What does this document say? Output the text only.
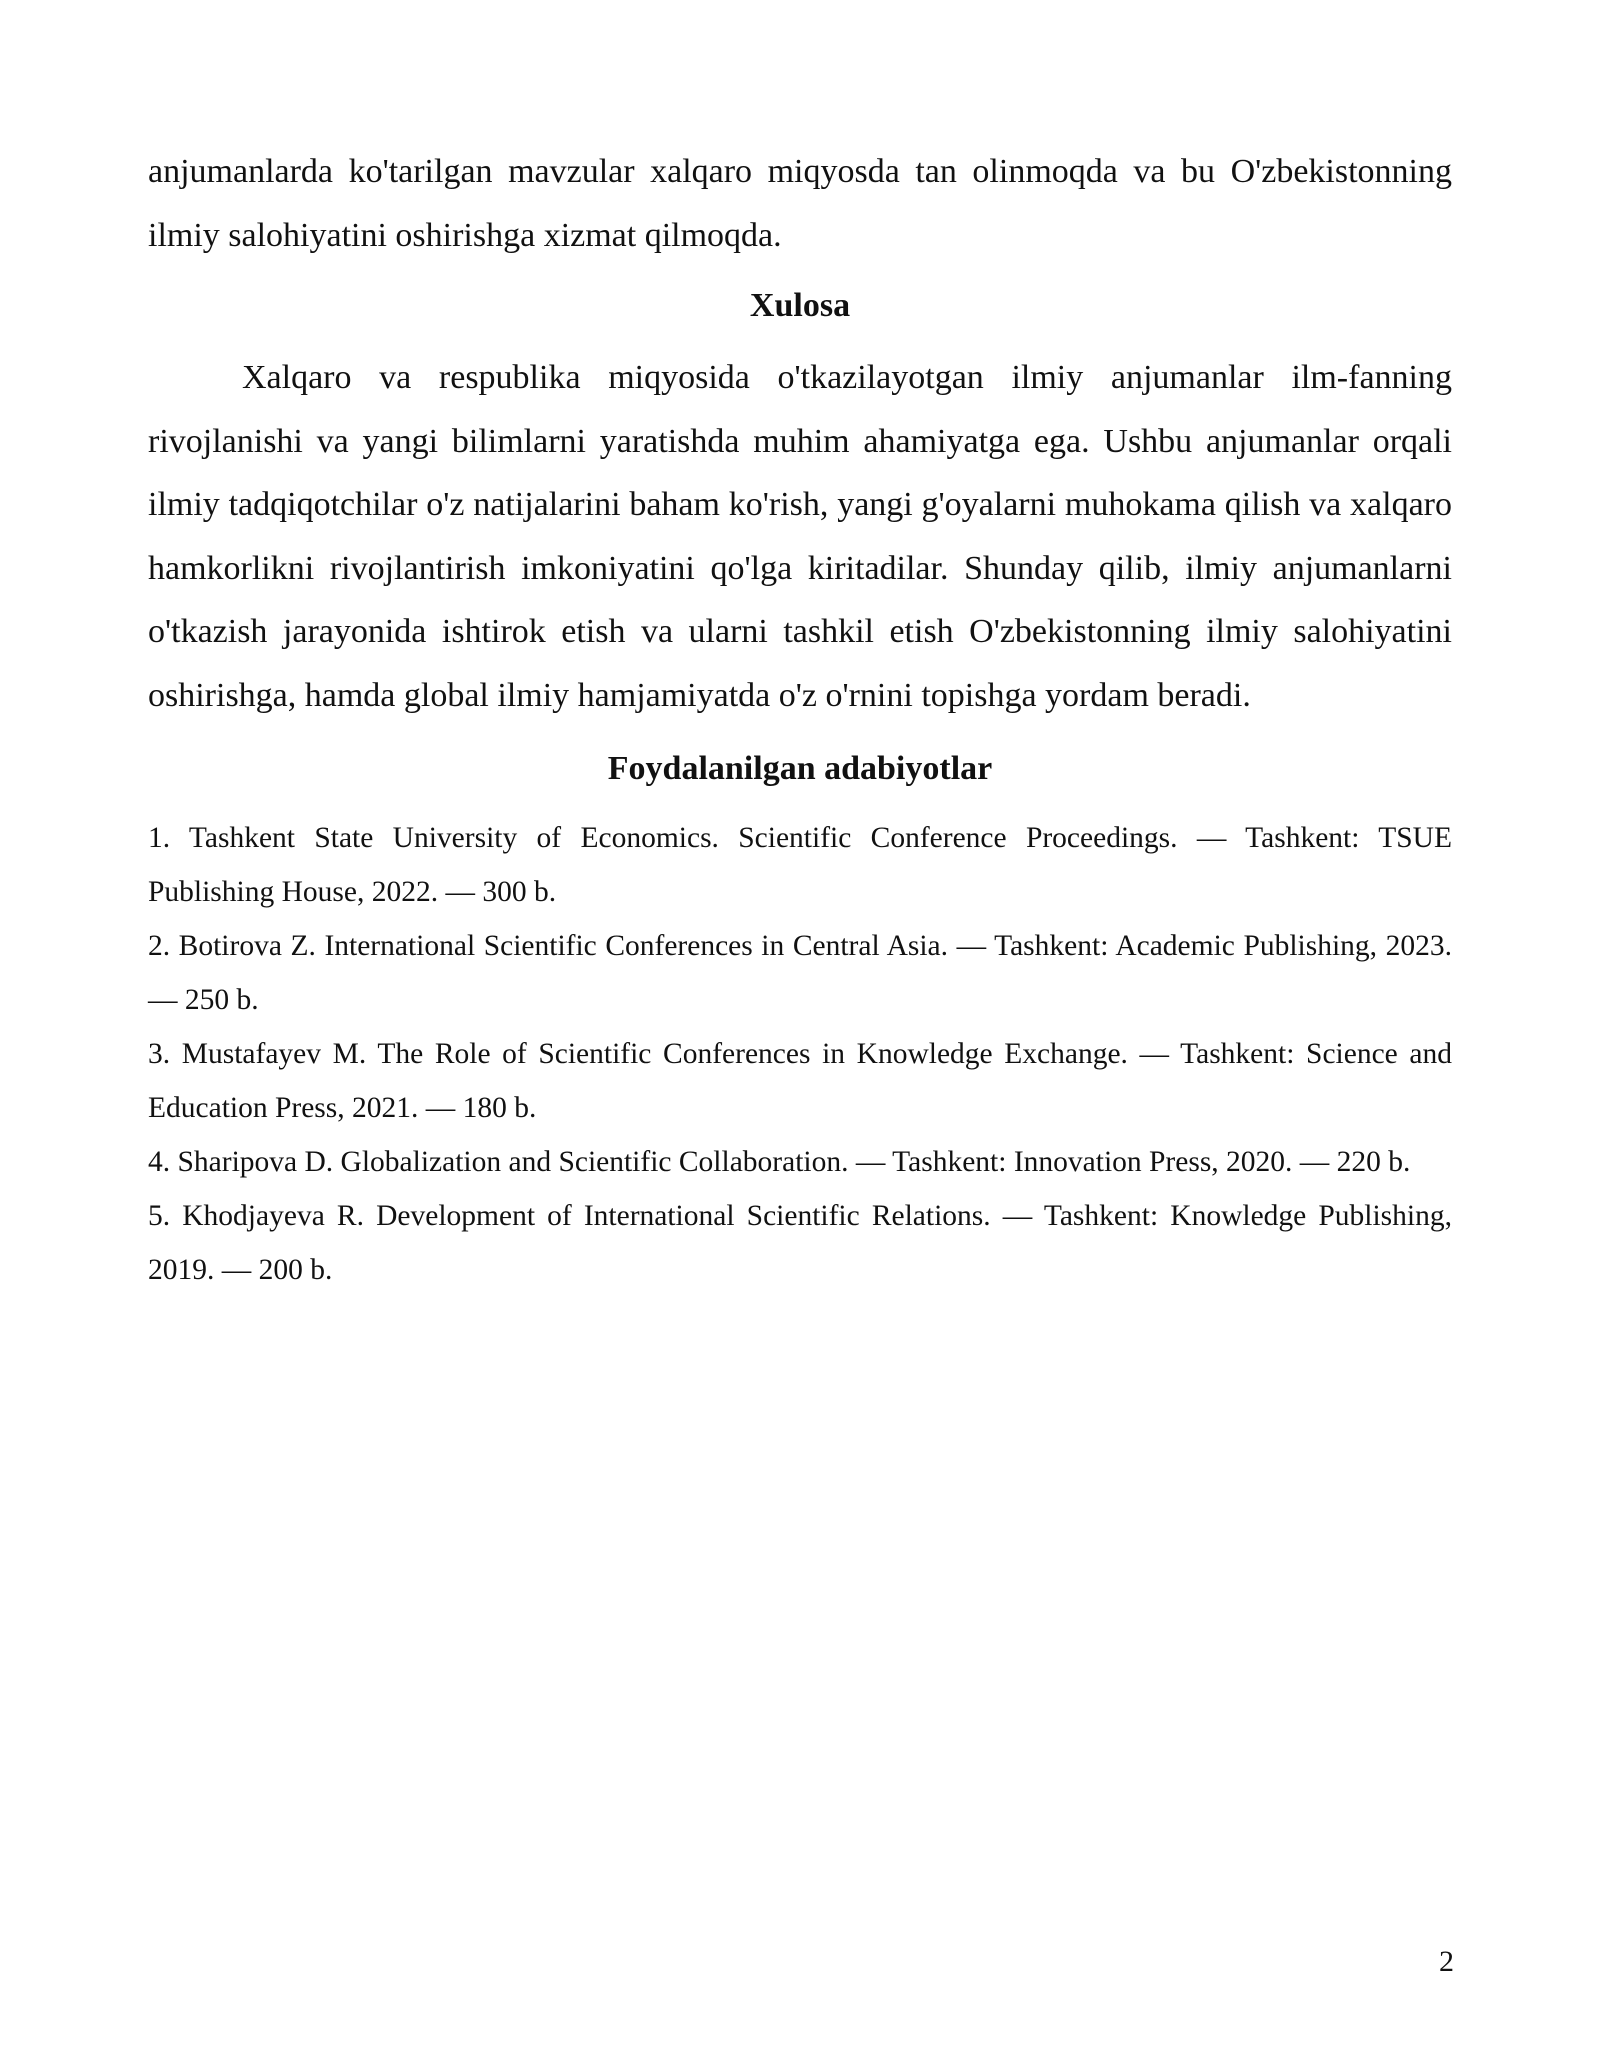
anjumanlarda ko'tarilgan mavzular xalqaro miqyosda tan olinmoqda va bu O'zbekistonning ilmiy salohiyatini oshirishga xizmat qilmoqda.

Xulosa

Xalqaro va respublika miqyosida o'tkazilayotgan ilmiy anjumanlar ilm-fanning rivojlanishi va yangi bilimlarni yaratishda muhim ahamiyatga ega. Ushbu anjumanlar orqali ilmiy tadqiqotchilar o'z natijalarini baham ko'rish, yangi g'oyalarni muhokama qilish va xalqaro hamkorlikni rivojlantirish imkoniyatini qo'lga kiritadilar. Shunday qilib, ilmiy anjumanlarni o'tkazish jarayonida ishtirok etish va ularni tashkil etish O'zbekistonning ilmiy salohiyatini oshirishga, hamda global ilmiy hamjamiyatda o'z o'rnini topishga yordam beradi.

Foydalanilgan adabiyotlar
1. Tashkent State University of Economics. Scientific Conference Proceedings. — Tashkent: TSUE Publishing House, 2022. — 300 b.
2. Botirova Z. International Scientific Conferences in Central Asia. — Tashkent: Academic Publishing, 2023. — 250 b.
3. Mustafayev M. The Role of Scientific Conferences in Knowledge Exchange. — Tashkent: Science and Education Press, 2021. — 180 b.
4. Sharipova D. Globalization and Scientific Collaboration. — Tashkent: Innovation Press, 2020. — 220 b.
5. Khodjayeva R. Development of International Scientific Relations. — Tashkent: Knowledge Publishing, 2019. — 200 b.
2
